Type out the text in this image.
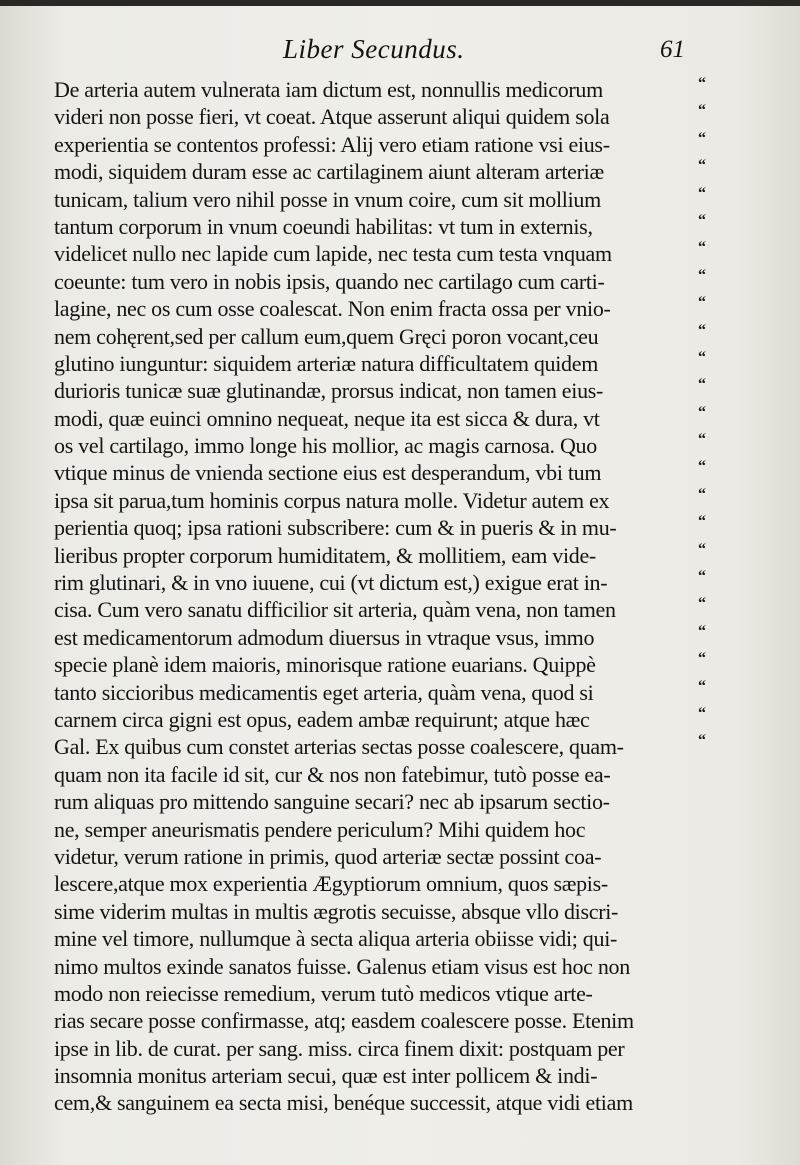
Liber Secundus.	61
De arteria autem vulnerata iam dictum est, nonnullis medicorum
videri non posse fieri, vt coeat. Atque asserunt aliqui quidem sola
experientia se contentos professi: Alij vero etiam ratione vsi eius-
modi, siquidem duram esse ac cartilaginem aiunt alteram arteriæ
tunicam, talium vero nihil posse in vnum coire, cum sit mollium
tantum corporum in vnum coeundi habilitas: vt tum in externis,
videlicet nullo nec lapide cum lapide, nec testa cum testa vnquam
coeunte: tum vero in nobis ipsis, quando nec cartilago cum carti-
lagine, nec os cum osse coalescat. Non enim fracta ossa per vnio-
nem cohęrent,sed per callum eum,quem Gręci poron vocant,ceu
glutino iunguntur: siquidem arteriæ natura difficultatem quidem
durioris tunicæ suæ glutinandæ, prorsus indicat, non tamen eius-
modi, quæ euinci omnino nequeat, neque ita est sicca & dura, vt
os vel cartilago, immo longe his mollior, ac magis carnosa. Quo
vtique minus de vnienda sectione eius est desperandum, vbi tum
ipsa sit parua,tum hominis corpus natura molle. Videtur autem ex
perientia quoq; ipsa rationi subscribere: cum & in pueris & in mu-
lieribus propter corporum humiditatem, & mollitiem, eam vide-
rim glutinari, & in vno iuuene, cui (vt dictum est,) exigue erat in-
cisa. Cum vero sanatu difficilior sit arteria, quàm vena, non tamen
est medicamentorum admodum diuersus in vtraque vsus, immo
specie planè idem maioris, minorisque ratione euarians. Quippè
tanto siccioribus medicamentis eget arteria, quàm vena, quod si
carnem circa gigni est opus, eadem ambæ requirunt; atque hæc
Gal. Ex quibus cum constet arterias sectas posse coalescere, quam-
quam non ita facile id sit, cur & nos non fatebimur, tutò posse ea-
rum aliquas pro mittendo sanguine secari? nec ab ipsarum sectio-
ne, semper aneurismatis pendere periculum? Mihi quidem hoc
videtur, verum ratione in primis, quod arteriæ sectæ possint coa-
lescere,atque mox experientia Ægyptiorum omnium, quos sæpis-
sime viderim multas in multis ægrotis secuisse, absque vllo discri-
mine vel timore, nullumque à secta aliqua arteria obiisse vidi; qui-
nimo multos exinde sanatos fuisse. Galenus etiam visus est hoc non
modo non reiecisse remedium, verum tutò medicos vtique arte-
rias secare posse confirmasse, atq; easdem coalescere posse. Etenim
ipse in lib. de curat. per sang. miss. circa finem dixit: postquam per
insomnia monitus arteriam secui, quæ est inter pollicem & indi-
cem,& sanguinem ea secta misi, benéque successit, atque vidi etiam
“
“
“
“
“
“
“
“
“
“
“
“
“
“
“
“
“
“
“
“
“
“
“
“
“
